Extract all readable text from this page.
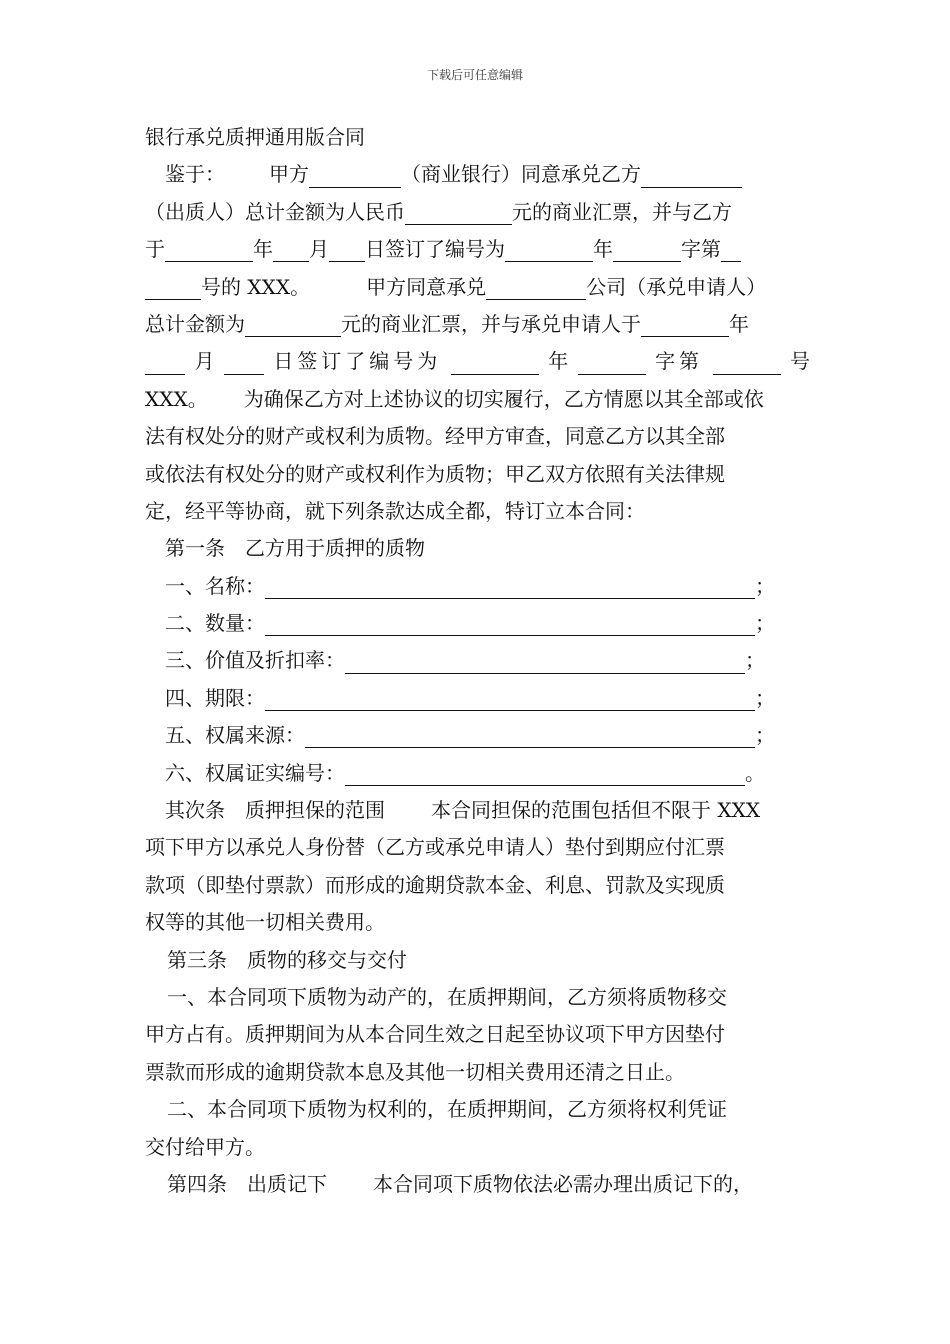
下载后可任意编辑
银行承兑质押通用版合同
鉴于： 甲方	（商业银行）同意承兑乙方
（出质人）总计金额为人民币	元的商业汇票，并与乙方
于	年 月 日签订了编号为	年	字第
号的 XXX。	甲方同意承兑	公司（承兑申请人）
总计金额为	元的商业汇票，并与承兑申请人于	年
月	日签订了编号为	年	字第	号
XXX。 为确保乙方对上述协议的切实履行，乙方情愿以其全部或依
法有权处分的财产或权利为质物。经甲方审查，同意乙方以其全部
或依法有权处分的财产或权利作为质物；甲乙双方依照有关法律规
定，经平等协商，就下列条款达成全都，特订立本合同：
第一条　乙方用于质押的质物
一、名称：	；
二、数量：	；
三、价值及折扣率：	；
四、期限：	；
五、权属来源：	；
六、权属证实编号：	。
其次条　质押担保的范围 本合同担保的范围包括但不限于 XXX
项下甲方以承兑人身份替（乙方或承兑申请人）垫付到期应付汇票
款项（即垫付票款）而形成的逾期贷款本金、利息、罚款及实现质
权等的其他一切相关费用。
第三条　质物的移交与交付
一、本合同项下质物为动产的，在质押期间，乙方须将质物移交
甲方占有。质押期间为从本合同生效之日起至协议项下甲方因垫付
票款而形成的逾期贷款本息及其他一切相关费用还清之日止。
二、本合同项下质物为权利的，在质押期间，乙方须将权利凭证
交付给甲方。
第四条　出质记下 本合同项下质物依法必需办理出质记下的，
